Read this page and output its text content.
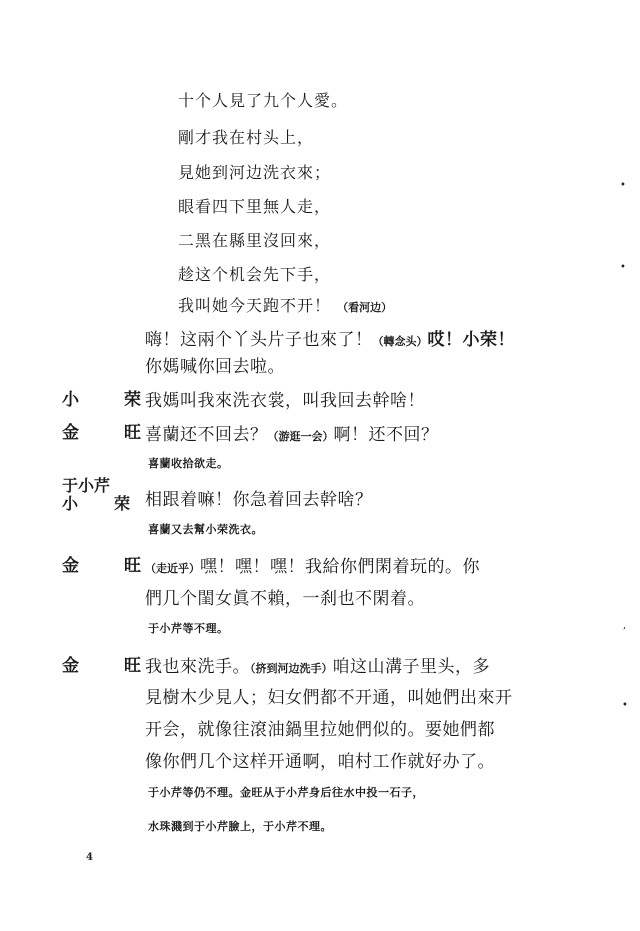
十个人見了九个人愛。
剛才我在村头上，
見她到河边洗衣來；
眼看四下里無人走，
二黑在縣里沒回來，
趁这个机会先下手，
我叫她今天跑不开！ （看河边）
嗨！这兩个丫头片子也來了！（轉念头）哎！小荣！
你媽喊你回去啦。
小　荣
我媽叫我來洗衣裳，叫我回去幹啥！
金　旺
喜蘭还不回去？（游逛一会）啊！还不回？
喜蘭收拾欲走。
于小芹
小　荣 相跟着嘛！你急着回去幹啥？
喜蘭又去幫小荣洗衣。
金　旺
（走近乎）嘿！嘿！嘿！我給你們閑着玩的。你
們几个閨女眞不賴，一刹也不閑着。
于小芹等不理。
金　旺
我也來洗手。（挤到河边洗手）咱这山溝子里头，多
見樹木少見人；妇女們都不开通，叫她們出來开
开会，就像往滾油鍋里拉她們似的。要她們都
像你們几个这样开通啊，咱村工作就好办了。
于小芹等仍不理。金旺从于小芹身后往水中投一石子，
水珠濺到于小芹臉上，于小芹不理。
4
•
•
,
•
